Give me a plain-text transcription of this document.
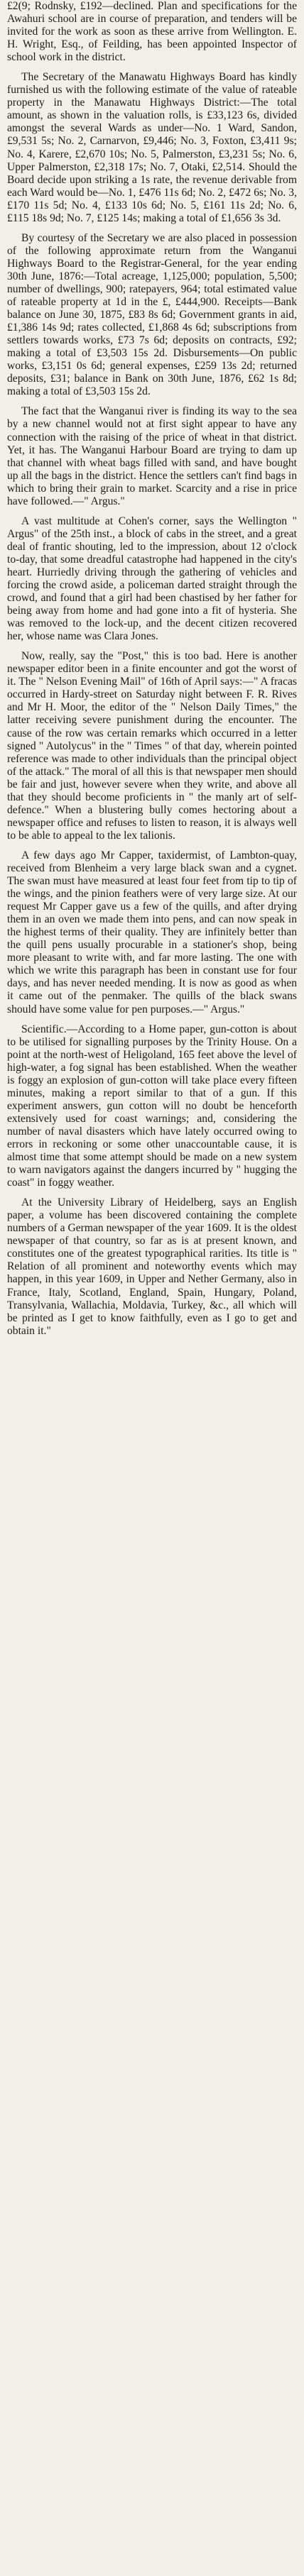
£2(9; Rodnsky, £192—declined. Plan and specifications for the Awahuri school are in course of preparation, and tenders will be invited for the work as soon as these arrive from Wellington. E. H. Wright, Esq., of Feilding, has been appointed Inspector of school work in the district.

The Secretary of the Manawatu Highways Board has kindly furnished us with the following estimate of the value of rateable property in the Manawatu Highways District:—The total amount, as shown in the valuation rolls, is £33,123 6s, divided amongst the several Wards as under—No. 1 Ward, Sandon, £9,531 5s; No. 2, Carnarvon, £9,446; No. 3, Foxton, £3,411 9s; No. 4, Karere, £2,670 10s; No. 5, Palmerston, £3,231 5s; No. 6, Upper Palmerston, £2,318 17s; No. 7, Otaki, £2,514. Should the Board decide upon striking a 1s rate, the revenue derivable from each Ward would be—No. 1, £476 11s 6d; No. 2, £472 6s; No. 3, £170 11s 5d; No. 4, £133 10s 6d; No. 5, £161 11s 2d; No. 6, £115 18s 9d; No. 7, £125 14s; making a total of £1,656 3s 3d.

By courtesy of the Secretary we are also placed in possession of the following approximate return from the Wanganui Highways Board to the Registrar-General, for the year ending 30th June, 1876:—Total acreage, 1,125,000; population, 5,500; number of dwellings, 900; ratepayers, 964; total estimated value of rateable property at 1d in the £, £444,900. Receipts—Bank balance on June 30, 1875, £83 8s 6d; Government grants in aid, £1,386 14s 9d; rates collected, £1,868 4s 6d; subscriptions from settlers towards works, £73 7s 6d; deposits on contracts, £92; making a total of £3,503 15s 2d. Disbursements—On public works, £3,151 0s 6d; general expenses, £259 13s 2d; returned deposits, £31; balance in Bank on 30th June, 1876, £62 1s 8d; making a total of £3,503 15s 2d.

The fact that the Wanganui river is finding its way to the sea by a new channel would not at first sight appear to have any connection with the raising of the price of wheat in that district. Yet, it has. The Wanganui Harbour Board are trying to dam up that channel with wheat bags filled with sand, and have bought up all the bags in the district. Hence the settlers can't find bags in which to bring their grain to market. Scarcity and a rise in price have followed.—" Argus."

A vast multitude at Cohen's corner, says the Wellington " Argus" of the 25th inst., a block of cabs in the street, and a great deal of frantic shouting, led to the impression, about 12 o'clock to-day, that some dreadful catastrophe had happened in the city's heart. Hurriedly driving through the gathering of vehicles and forcing the crowd aside, a policeman darted straight through the crowd, and found that a girl had been chastised by her father for being away from home and had gone into a fit of hysteria. She was removed to the lock-up, and the decent citizen recovered her, whose name was Clara Jones.

Now, really, say the "Post," this is too bad. Here is another newspaper editor been in a finite encounter and got the worst of it. The " Nelson Evening Mail" of 16th of April says:—" A fracas occurred in Hardy-street on Saturday night between F. R. Rives and Mr H. Moor, the editor of the " Nelson Daily Times," the latter receiving severe punishment during the encounter. The cause of the row was certain remarks which occurred in a letter signed " Autolycus" in the " Times " of that day, wherein pointed reference was made to other individuals than the principal object of the attack." The moral of all this is that newspaper men should be fair and just, however severe when they write, and above all that they should become proficients in " the manly art of self-defence." When a blustering bully comes hectoring about a newspaper office and refuses to listen to reason, it is always well to be able to appeal to the lex talionis.

A few days ago Mr Capper, taxidermist, of Lambton-quay, received from Blenheim a very large black swan and a cygnet. The swan must have measured at least four feet from tip to tip of the wings, and the pinion feathers were of very large size. At our request Mr Capper gave us a few of the quills, and after drying them in an oven we made them into pens, and can now speak in the highest terms of their quality. They are infinitely better than the quill pens usually procurable in a stationer's shop, being more pleasant to write with, and far more lasting. The one with which we write this paragraph has been in constant use for four days, and has never needed mending. It is now as good as when it came out of the penmaker. The quills of the black swans should have some value for pen purposes.—" Argus."

Scientific.—According to a Home paper, gun-cotton is about to be utilised for signalling purposes by the Trinity House. On a point at the north-west of Heligoland, 165 feet above the level of high-water, a fog signal has been established. When the weather is foggy an explosion of gun-cotton will take place every fifteen minutes, making a report similar to that of a gun. If this experiment answers, gun cotton will no doubt be henceforth extensively used for coast warnings; and, considering the number of naval disasters which have lately occurred owing to errors in reckoning or some other unaccountable cause, it is almost time that some attempt should be made on a new system to warn navigators against the dangers incurred by " hugging the coast" in foggy weather.

At the University Library of Heidelberg, says an English paper, a volume has been discovered containing the complete numbers of a German newspaper of the year 1609. It is the oldest newspaper of that country, so far as is at present known, and constitutes one of the greatest typographical rarities. Its title is " Relation of all prominent and noteworthy events which may happen, in this year 1609, in Upper and Nether Germany, also in France, Italy, Scotland, England, Spain, Hungary, Poland, Transylvania, Wallachia, Moldavia, Turkey, &c., all which will be printed as I get to know faithfully, even as I go to get and obtain it."
